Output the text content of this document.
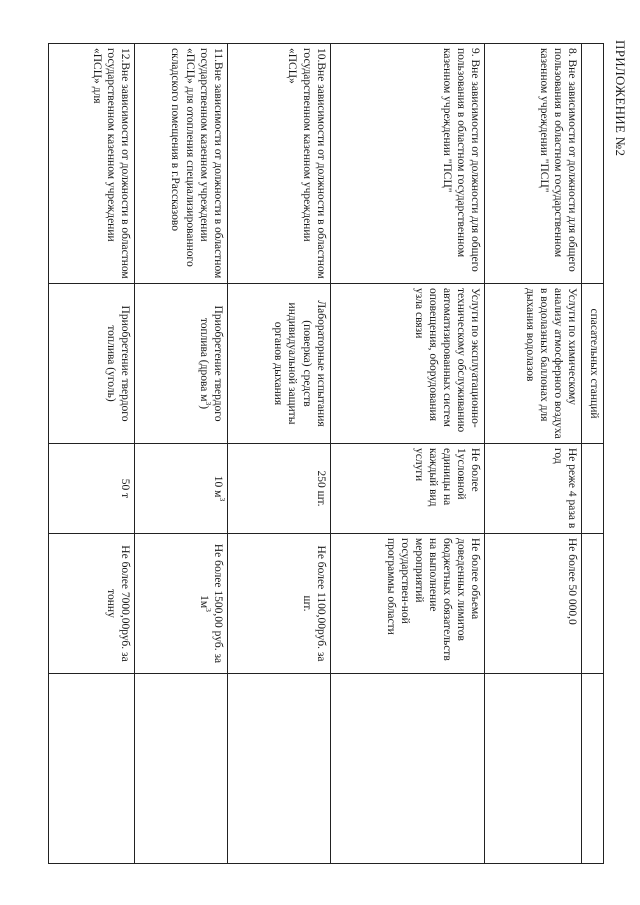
ПРИЛОЖЕНИЕ №2
	спасательных станций			
8. Вне зависимости от должности для общего пользования в областном государственном казенном учреждении "ПСЦ"	Услуги по химическому анализу атмосферного воздуха в водолазных баллонах для дыхания водолазов	Не реже 4 раза в год	Не более 50 000,0	
9. Вне зависимости от должности для общего пользования в областном государственном казенном учреждении "ПСЦ"	Услуги по эксплуатационно-техническому обслуживанию автоматизированных систем оповещения, оборудования узла связи	Не более 1условной единицы на каждый вид услуги	Не более объема доведенных лимитов бюджетных обязательств на выполнение мероприятий государствен-ной программы области	
10.Вне зависимости от должности в областном государственном казенном учреждении «ПСЦ»	Лабораторные испытания (поверка) средств индивидуальной защиты органов дыхания	250 шт.	Не более 1100,00руб. за шт.	
11.Вне зависимости от должности в областном государственном казенном учреждении «ПСЦ» для отопления специализированного складского помещения в г.Рассказово	Приобретение твердого топлива (дрова $м^3$)	10 $м^3$	Не более 1500,00 руб. за $1м^3$	
12.Вне зависимости от должности в областном государственном казенном учреждении «ПСЦ» для	Приобретение твердого топлива (уголь)	50 т	Не более 7000,00руб. за тонну	
